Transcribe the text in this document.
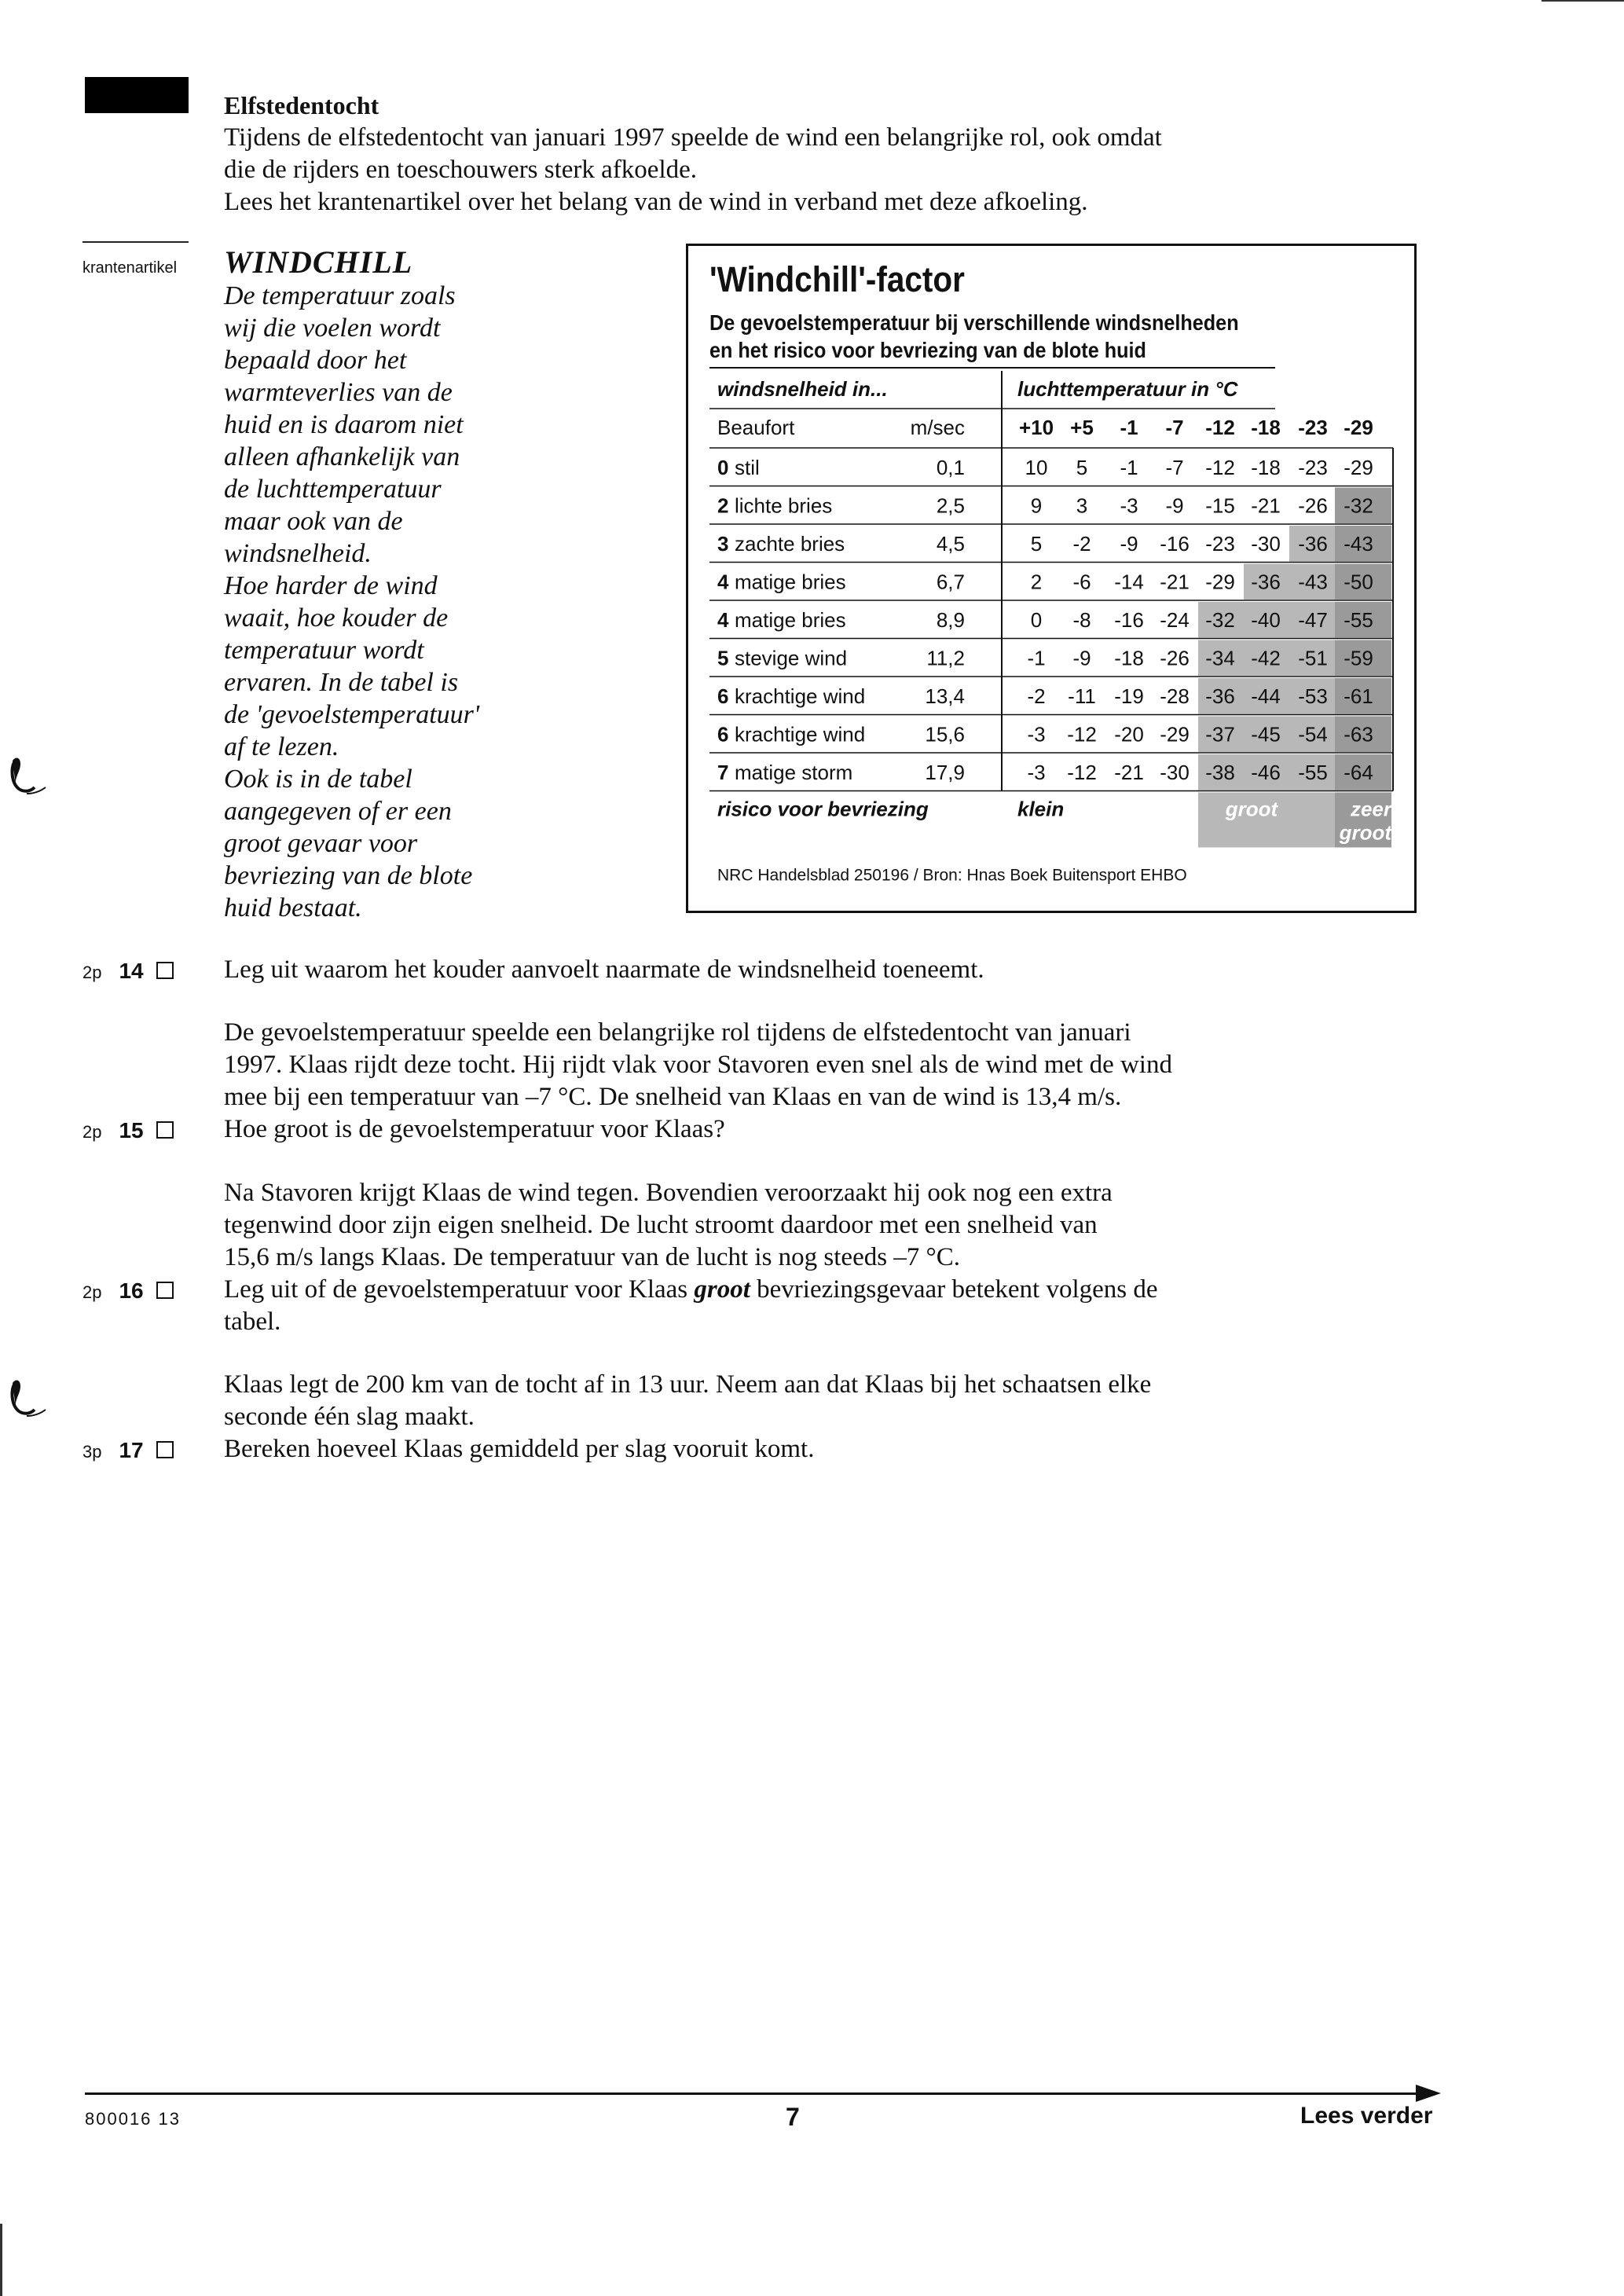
Elfstedentocht
Tijdens de elfstedentocht van januari 1997 speelde de wind een belangrijke rol, ook omdat
die de rijders en toeschouwers sterk afkoelde.
Lees het krantenartikel over het belang van de wind in verband met deze afkoeling.
krantenartikel WINDCHILL

De temperatuur zoals

wij die voelen wordt

bepaald door het

warmteverlies van de

huid en is daarom niet

alleen afhankelijk van

de luchttemperatuur

maar ook van de

windsnelheid.

Hoe harder de wind

waait, hoe kouder de

temperatuur wordt

ervaren. In de tabel is

de 'gevoelstemperatuur'

af te lezen.

Ook is in de tabel

aangegeven of er een

groot gevaar voor

bevriezing van de blote

huid bestaat.

'Windchill'-factor
De gevoelstemperatuur bij verschillende windsnelheden
en het risico voor bevriezing van de blote huid
windsnelheid in...	luchttemperatuur in °C
Beaufort	m/sec	+10 +5 -1 -7 -12 -18 -23 -29
0 stil	0,1	10 5 -1 -7 -12 -18 -23 -29
2 lichte bries	2,5	9 3 -3 -9 -15 -21 -26 -32
3 zachte bries	4,5	5 -2 -9 -16 -23 -30 -36 -43
4 matige bries	6,7	2 -6 -14 -21 -29 -36 -43 -50
4 matige bries	8,9	0 -8 -16 -24 -32 -40 -47 -55
5 stevige wind	11,2	-1 -9 -18 -26 -34 -42 -51 -59
6 krachtige wind	13,4	-2 -11 -19 -28 -36 -44 -53 -61
6 krachtige wind	15,6	-3 -12 -20 -29 -37 -45 -54 -63
7 matige storm	17,9	-3 -12 -21 -30 -38 -46 -55 -64
risico voor bevriezing	klein	groot	zeer
groot
NRC Handelsblad 250196 / Bron: Hnas Boek Buitensport EHBO
2p 14	Leg uit waarom het kouder aanvoelt naarmate de windsnelheid toeneemt.
De gevoelstemperatuur speelde een belangrijke rol tijdens de elfstedentocht van januari
1997. Klaas rijdt deze tocht. Hij rijdt vlak voor Stavoren even snel als de wind met de wind
mee bij een temperatuur van –7 °C. De snelheid van Klaas en van de wind is 13,4 m/s.
2p 15	Hoe groot is de gevoelstemperatuur voor Klaas?
Na Stavoren krijgt Klaas de wind tegen. Bovendien veroorzaakt hij ook nog een extra
tegenwind door zijn eigen snelheid. De lucht stroomt daardoor met een snelheid van
15,6 m/s langs Klaas. De temperatuur van de lucht is nog steeds –7 °C.
2p 16	Leg uit of de gevoelstemperatuur voor Klaas groot bevriezingsgevaar betekent volgens de
tabel.
Klaas legt de 200 km van de tocht af in 13 uur. Neem aan dat Klaas bij het schaatsen elke
seconde één slag maakt.
3p 17	Bereken hoeveel Klaas gemiddeld per slag vooruit komt.
800016 13	7	Lees verder
